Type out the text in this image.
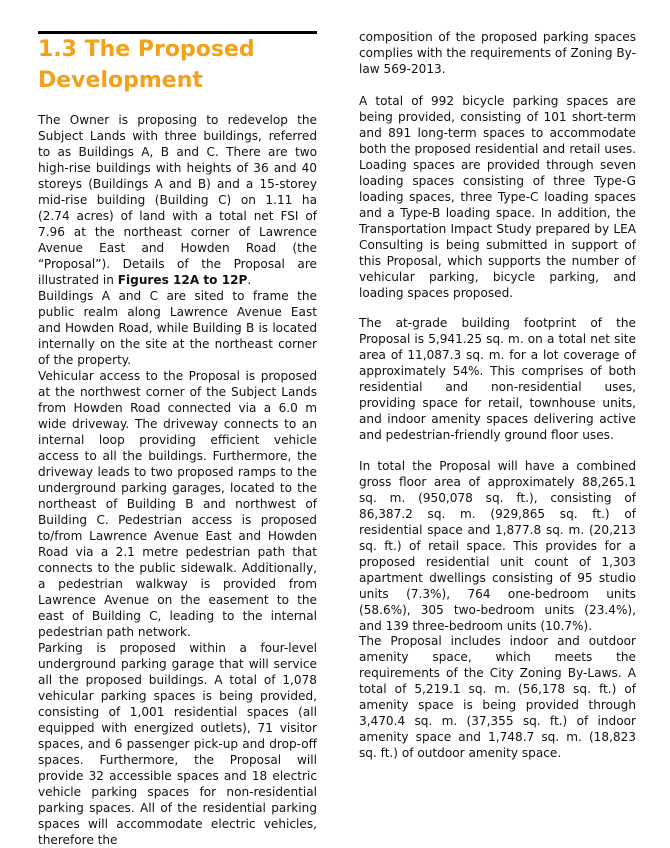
1.3 The Proposed Development

The Owner is proposing to redevelop the Subject Lands with three buildings, referred to as Buildings A, B and C. There are two high-rise buildings with heights of 36 and 40 storeys (Buildings A and B) and a 15-storey mid-rise building (Building C) on 1.11 ha (2.74 acres) of land with a total net FSI of 7.96 at the northeast corner of Lawrence Avenue East and Howden Road (the “Proposal”). Details of the Proposal are illustrated in Figures 12A to 12P.

Buildings A and C are sited to frame the public realm along Lawrence Avenue East and Howden Road, while Building B is located internally on the site at the northeast corner of the property.

Vehicular access to the Proposal is proposed at the northwest corner of the Subject Lands from Howden Road connected via a 6.0 m wide driveway. The driveway connects to an internal loop providing efficient vehicle access to all the buildings. Furthermore, the driveway leads to two proposed ramps to the underground parking garages, located to the northeast of Building B and northwest of Building C. Pedestrian access is proposed to/from Lawrence Avenue East and Howden Road via a 2.1 metre pedestrian path that connects to the public sidewalk. Additionally, a pedestrian walkway is provided from Lawrence Avenue on the easement to the east of Building C, leading to the internal pedestrian path network.

Parking is proposed within a four-level underground parking garage that will service all the proposed buildings. A total of 1,078 vehicular parking spaces is being provided, consisting of 1,001 residential spaces (all equipped with energized outlets), 71 visitor spaces, and 6 passenger pick-up and drop-off spaces. Furthermore, the Proposal will provide 32 accessible spaces and 18 electric vehicle parking spaces for non-residential parking spaces. All of the residential parking spaces will accommodate electric vehicles, therefore the

composition of the proposed parking spaces complies with the requirements of Zoning By-law 569-2013.

A total of 992 bicycle parking spaces are being provided, consisting of 101 short-term and 891 long-term spaces to accommodate both the proposed residential and retail uses. Loading spaces are provided through seven loading spaces consisting of three Type-G loading spaces, three Type-C loading spaces and a Type-B loading space. In addition, the Transportation Impact Study prepared by LEA Consulting is being submitted in support of this Proposal, which supports the number of vehicular parking, bicycle parking, and loading spaces proposed.

The at-grade building footprint of the Proposal is 5,941.25 sq. m. on a total net site area of 11,087.3 sq. m. for a lot coverage of approximately 54%. This comprises of both residential and non-residential uses, providing space for retail, townhouse units, and indoor amenity spaces delivering active and pedestrian-friendly ground floor uses.

In total the Proposal will have a combined gross floor area of approximately 88,265.1 sq. m. (950,078 sq. ft.), consisting of 86,387.2 sq. m. (929,865 sq. ft.) of residential space and 1,877.8 sq. m. (20,213 sq. ft.) of retail space. This provides for a proposed residential unit count of 1,303 apartment dwellings consisting of 95 studio units (7.3%), 764 one-bedroom units (58.6%), 305 two-bedroom units (23.4%), and 139 three-bedroom units (10.7%).

The Proposal includes indoor and outdoor amenity space, which meets the requirements of the City Zoning By-Laws. A total of 5,219.1 sq. m. (56,178 sq. ft.) of amenity space is being provided through 3,470.4 sq. m. (37,355 sq. ft.) of indoor amenity space and 1,748.7 sq. m. (18,823 sq. ft.) of outdoor amenity space.
